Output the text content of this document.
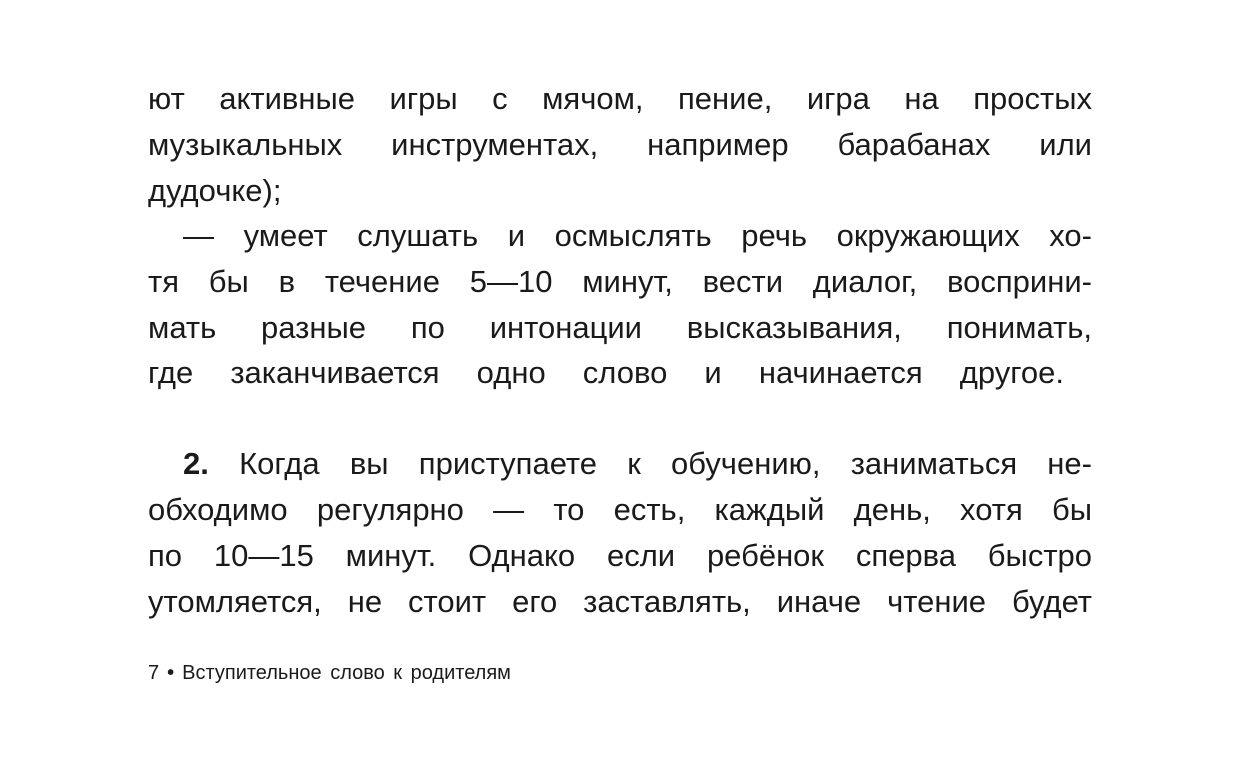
ют активные игры с мячом, пение, игра на простых
музыкальных инструментах, например барабанах или
дудочке);
— умеет слушать и осмыслять речь окружающих хо-
тя бы в течение 5—10 минут, вести диалог, восприни-
мать разные по интонации высказывания, понимать,
где заканчивается одно слово и начинается другое.
2. Когда вы приступаете к обучению, заниматься не-
обходимо регулярно — то есть, каждый день, хотя бы
по 10—15 минут. Однако если ребёнок сперва быстро
утомляется, не стоит его заставлять, иначе чтение будет
7 • Вступительное слово к родителям
